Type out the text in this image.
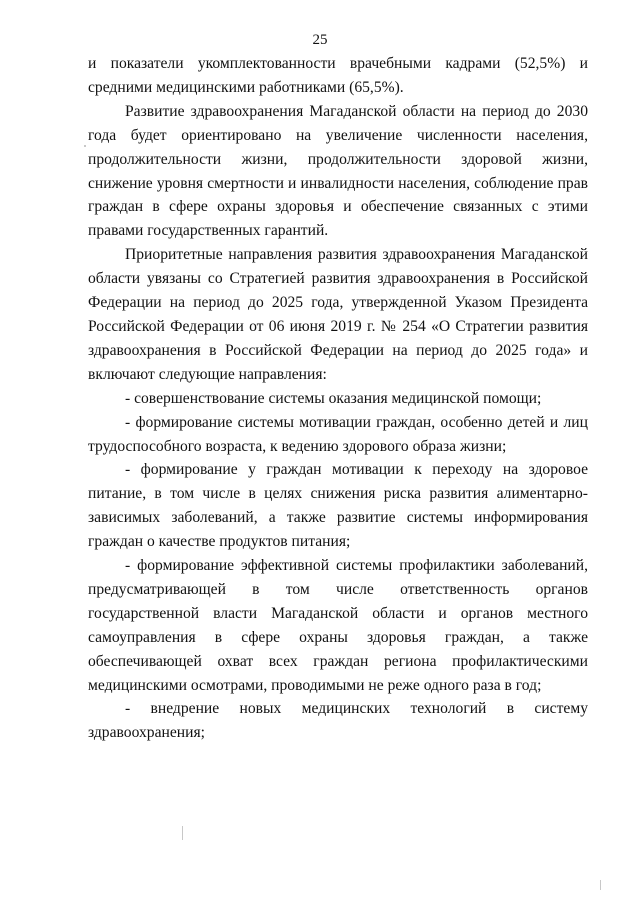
25

и показатели укомплектованности врачебными кадрами (52,5%) и средними медицинскими работниками (65,5%).

Развитие здравоохранения Магаданской области на период до 2030 года будет ориентировано на увеличение численности населения, продолжительности жизни, продолжительности здоровой жизни, снижение уровня смертности и инвалидности населения, соблюдение прав граждан в сфере охраны здоровья и обеспечение связанных с этими правами государственных гарантий.

Приоритетные направления развития здравоохранения Магаданской области увязаны со Стратегией развития здравоохранения в Российской Федерации на период до 2025 года, утвержденной Указом Президента Российской Федерации от 06 июня 2019 г. № 254 «О Стратегии развития здравоохранения в Российской Федерации на период до 2025 года» и включают следующие направления:

- совершенствование системы оказания медицинской помощи;

- формирование системы мотивации граждан, особенно детей и лиц трудоспособного возраста, к ведению здорового образа жизни;

- формирование у граждан мотивации к переходу на здоровое питание, в том числе в целях снижения риска развития алиментарно-зависимых заболеваний, а также развитие системы информирования граждан о качестве продуктов питания;

- формирование эффективной системы профилактики заболеваний, предусматривающей в том числе ответственность органов государственной власти Магаданской области и органов местного самоуправления в сфере охраны здоровья граждан, а также обеспечивающей охват всех граждан региона профилактическими медицинскими осмотрами, проводимыми не реже одного раза в год;

- внедрение новых медицинских технологий в систему здравоохранения;
